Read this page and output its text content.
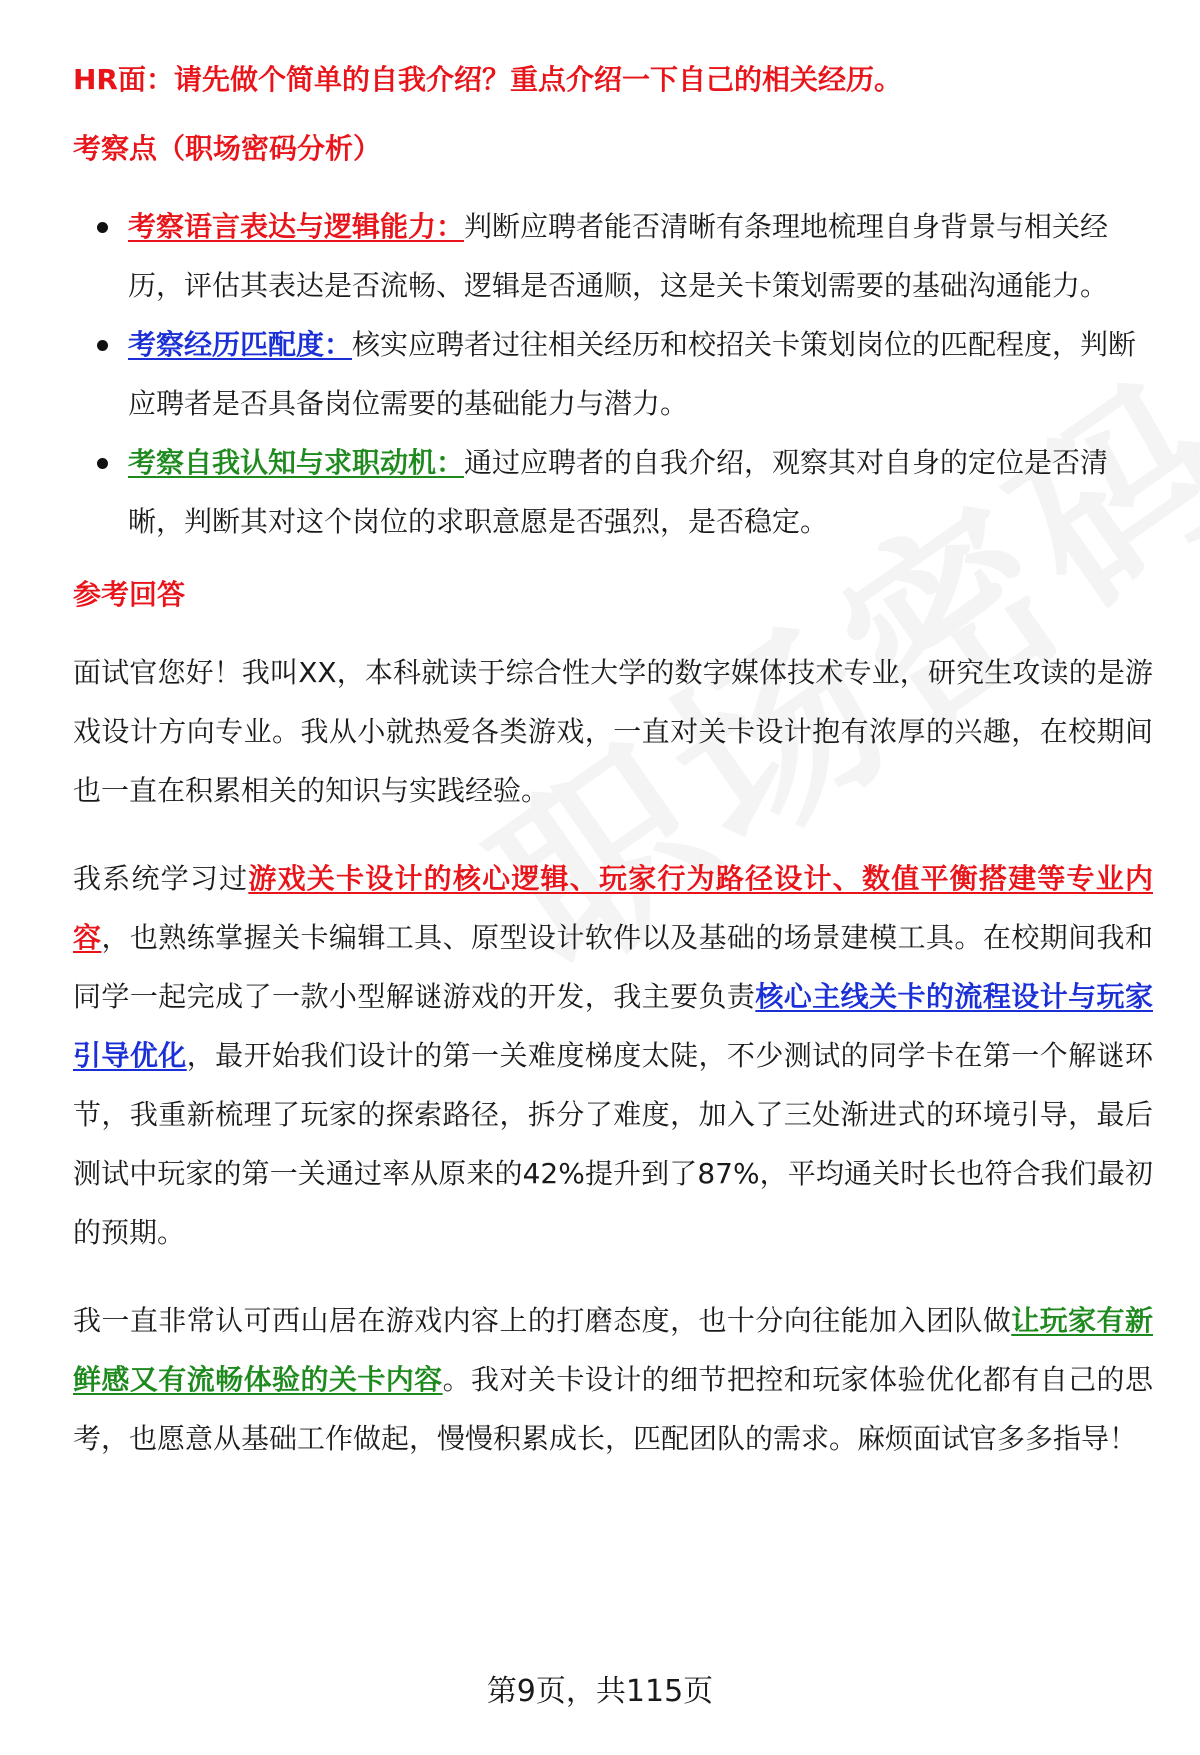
HR面：请先做个简单的自我介绍？重点介绍一下自己的相关经历。
考察点（职场密码分析）
考察语言表达与逻辑能力：判断应聘者能否清晰有条理地梳理自身背景与相关经历，评估其表达是否流畅、逻辑是否通顺，这是关卡策划需要的基础沟通能力。
考察经历匹配度：核实应聘者过往相关经历和校招关卡策划岗位的匹配程度，判断应聘者是否具备岗位需要的基础能力与潜力。
考察自我认知与求职动机：通过应聘者的自我介绍，观察其对自身的定位是否清晰，判断其对这个岗位的求职意愿是否强烈，是否稳定。
参考回答
面试官您好！我叫XX，本科就读于综合性大学的数字媒体技术专业，研究生攻读的是游戏设计方向专业。我从小就热爱各类游戏，一直对关卡设计抱有浓厚的兴趣，在校期间也一直在积累相关的知识与实践经验。
我系统学习过游戏关卡设计的核心逻辑、玩家行为路径设计、数值平衡搭建等专业内容，也熟练掌握关卡编辑工具、原型设计软件以及基础的场景建模工具。在校期间我和同学一起完成了一款小型解谜游戏的开发，我主要负责核心主线关卡的流程设计与玩家引导优化，最开始我们设计的第一关难度梯度太陡，不少测试的同学卡在第一个解谜环节，我重新梳理了玩家的探索路径，拆分了难度，加入了三处渐进式的环境引导，最后测试中玩家的第一关通过率从原来的42%提升到了87%，平均通关时长也符合我们最初的预期。
我一直非常认可西山居在游戏内容上的打磨态度，也十分向往能加入团队做让玩家有新鲜感又有流畅体验的关卡内容。我对关卡设计的细节把控和玩家体验优化都有自己的思考，也愿意从基础工作做起，慢慢积累成长，匹配团队的需求。麻烦面试官多多指导！
第9页，共115页
